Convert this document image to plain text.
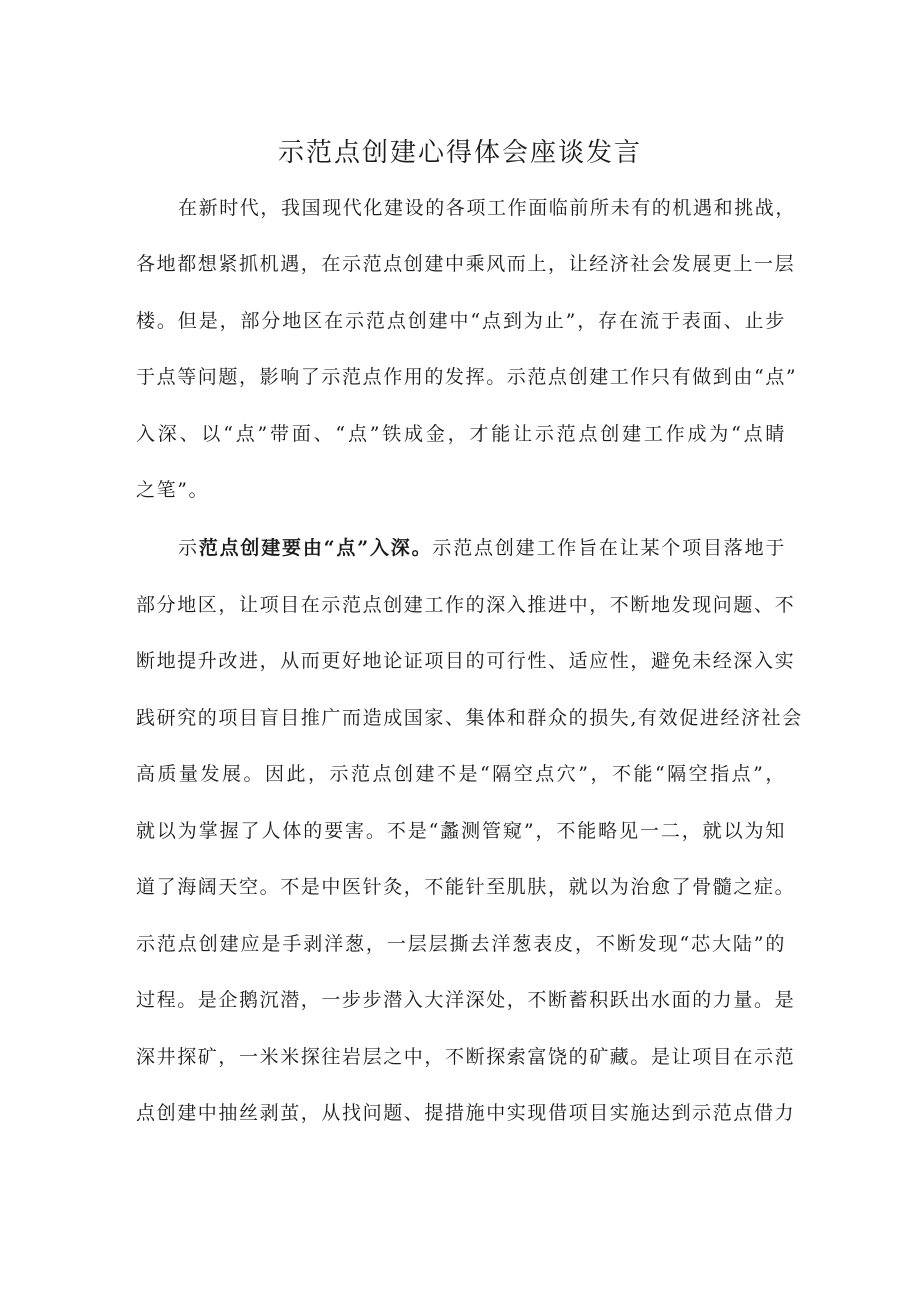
示范点创建心得体会座谈发言
在新时代，我国现代化建设的各项工作面临前所未有的机遇和挑战，
各地都想紧抓机遇，在示范点创建中乘风而上，让经济社会发展更上一层
楼。但是，部分地区在示范点创建中“点到为止”，存在流于表面、止步
于点等问题，影响了示范点作用的发挥。示范点创建工作只有做到由“点”
入深、以“点”带面、“点”铁成金，才能让示范点创建工作成为“点睛
之笔”。
示范点创建要由“点”入深。示范点创建工作旨在让某个项目落地于
部分地区，让项目在示范点创建工作的深入推进中，不断地发现问题、不
断地提升改进，从而更好地论证项目的可行性、适应性，避免未经深入实
践研究的项目盲目推广而造成国家、集体和群众的损失,有效促进经济社会
高质量发展。因此，示范点创建不是“隔空点穴”，不能“隔空指点”，
就以为掌握了人体的要害。不是“蠡测管窥”，不能略见一二，就以为知
道了海阔天空。不是中医针灸，不能针至肌肤，就以为治愈了骨髓之症。
示范点创建应是手剥洋葱，一层层撕去洋葱表皮，不断发现“芯大陆”的
过程。是企鹅沉潜，一步步潜入大洋深处，不断蓄积跃出水面的力量。是
深井探矿，一米米探往岩层之中，不断探索富饶的矿藏。是让项目在示范
点创建中抽丝剥茧，从找问题、提措施中实现借项目实施达到示范点借力
